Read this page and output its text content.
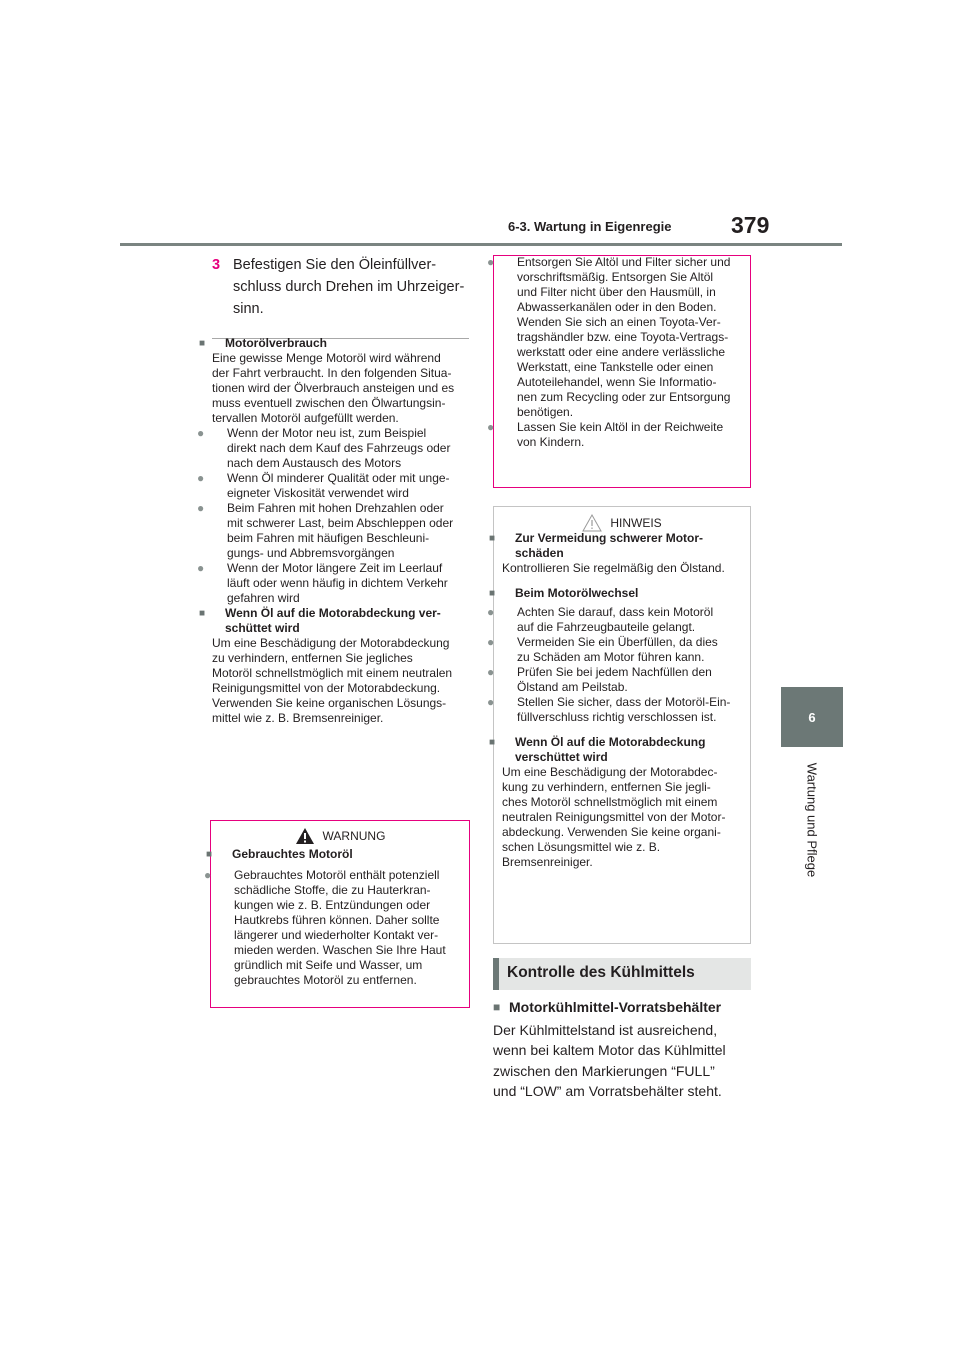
6-3. Wartung in Eigenregie	379
6
Wartung und Pflege
3 Befestigen Sie den Öleinfüllver-
schluss durch Drehen im Uhrzeiger-
sinn.

■ Motorölverbrauch

Eine gewisse Menge Motoröl wird während
der Fahrt verbraucht. In den folgenden Situa-
tionen wird der Ölverbrauch ansteigen und es
muss eventuell zwischen den Ölwartungsin-
tervallen Motoröl aufgefüllt werden.

● Wenn der Motor neu ist, zum Beispiel
direkt nach dem Kauf des Fahrzeugs oder
nach dem Austausch des Motors

● Wenn Öl minderer Qualität oder mit unge-
eigneter Viskosität verwendet wird

● Beim Fahren mit hohen Drehzahlen oder
mit schwerer Last, beim Abschleppen oder
beim Fahren mit häufigen Beschleuni-
gungs- und Abbremsvorgängen

● Wenn der Motor längere Zeit im Leerlauf
läuft oder wenn häufig in dichtem Verkehr
gefahren wird

■ Wenn Öl auf die Motorabdeckung ver-
schüttet wird

Um eine Beschädigung der Motorabdeckung
zu verhindern, entfernen Sie jegliches
Motoröl schnellstmöglich mit einem neutralen
Reinigungsmittel von der Motorabdeckung.
Verwenden Sie keine organischen Lösungs-
mittel wie z. B. Bremsenreiniger.

WARNUNG

■ Gebrauchtes Motoröl

● Gebrauchtes Motoröl enthält potenziell
schädliche Stoffe, die zu Hauterkran-
kungen wie z. B. Entzündungen oder
Hautkrebs führen können. Daher sollte
längerer und wiederholter Kontakt ver-
mieden werden. Waschen Sie Ihre Haut
gründlich mit Seife und Wasser, um
gebrauchtes Motoröl zu entfernen.

● Entsorgen Sie Altöl und Filter sicher und
vorschriftsmäßig. Entsorgen Sie Altöl
und Filter nicht über den Hausmüll, in
Abwasserkanälen oder in den Boden.
Wenden Sie sich an einen Toyota-Ver-
tragshändler bzw. eine Toyota-Vertrags-
werkstatt oder eine andere verlässliche
Werkstatt, eine Tankstelle oder einen
Autoteilehandel, wenn Sie Informatio-
nen zum Recycling oder zur Entsorgung
benötigen.

● Lassen Sie kein Altöl in der Reichweite
von Kindern.

HINWEIS

■ Zur Vermeidung schwerer Motor-
schäden

Kontrollieren Sie regelmäßig den Ölstand.

■ Beim Motorölwechsel

● Achten Sie darauf, dass kein Motoröl
auf die Fahrzeugbauteile gelangt.

● Vermeiden Sie ein Überfüllen, da dies
zu Schäden am Motor führen kann.

● Prüfen Sie bei jedem Nachfüllen den
Ölstand am Peilstab.

● Stellen Sie sicher, dass der Motoröl-Ein-
füllverschluss richtig verschlossen ist.

■ Wenn Öl auf die Motorabdeckung
verschüttet wird

Um eine Beschädigung der Motorabdec-
kung zu verhindern, entfernen Sie jegli-
ches Motoröl schnellstmöglich mit einem
neutralen Reinigungsmittel von der Motor-
abdeckung. Verwenden Sie keine organi-
schen Lösungsmittel wie z. B.
Bremsenreiniger.

Kontrolle des Kühlmittels

■ Motorkühlmittel-Vorratsbehälter

Der Kühlmittelstand ist ausreichend,
wenn bei kaltem Motor das Kühlmittel
zwischen den Markierungen “FULL”
und “LOW” am Vorratsbehälter steht.
